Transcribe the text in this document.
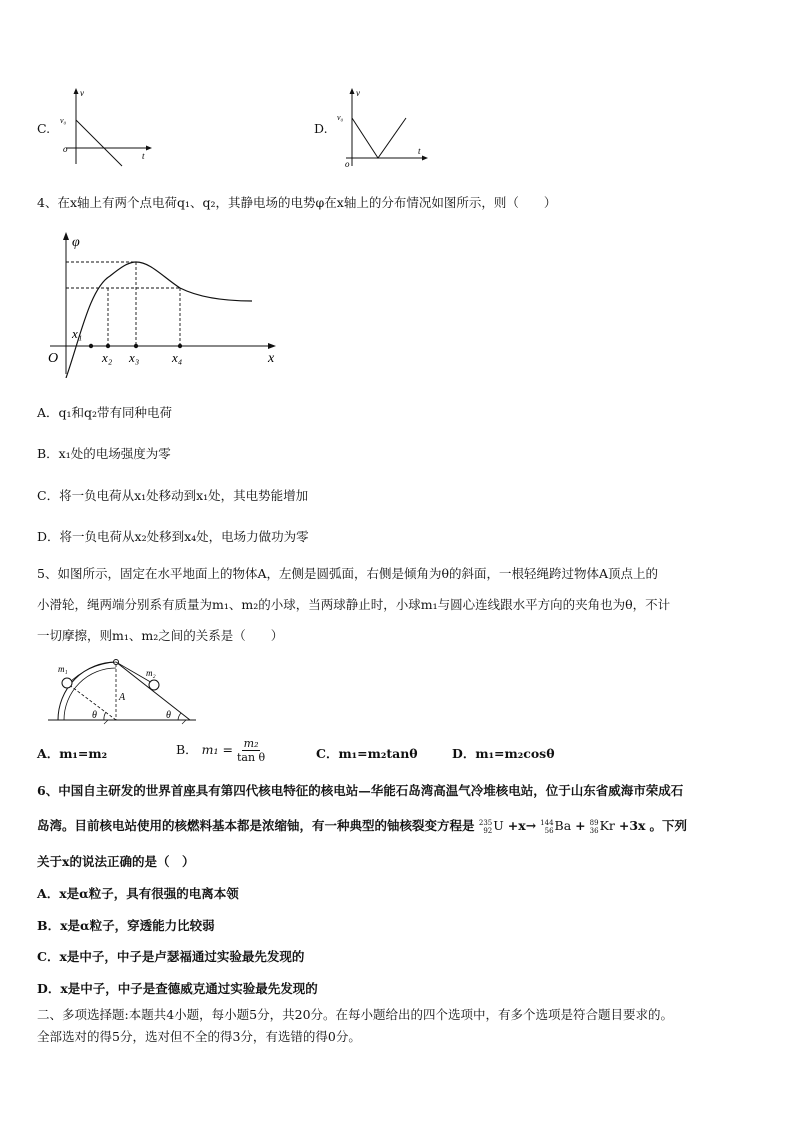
C.
v
v₀
o
t
D.
v
v₀
o
t
4、在x轴上有两个点电荷q₁、q₂，其静电场的电势φ在x轴上的分布情况如图所示，则（　　）
φ
O	x
x₁
x₂ x₃	x₄
A．q₁和q₂带有同种电荷
B．x₁处的电场强度为零
C．将一负电荷从x₁处移动到x₁处，其电势能增加
D．将一负电荷从x₂处移到x₄处，电场力做功为零
5、如图所示，固定在水平地面上的物体A，左侧是圆弧面，右侧是倾角为θ的斜面，一根轻绳跨过物体A顶点上的
小滑轮，绳两端分别系有质量为m₁、m₂的小球，当两球静止时，小球m₁与圆心连线跟水平方向的夹角也为θ，不计
一切摩擦，则m₁、m₂之间的关系是（　　）
m₁	m₂
A
θ	θ
A．m₁=m₂	B． $m_1 = \frac{\text{m₂}}{\text{tan θ}}$	C．m₁=m₂tanθ	D．m₁=m₂cosθ
6、中国自主研发的世界首座具有第四代核电特征的核电站—华能石岛湾高温气冷堆核电站，位于山东省威海市荣成石
岛湾。目前核电站使用的核燃料基本都是浓缩铀，有一种典型的铀核裂变方程是 235
92 U +x→ 144
56 Ba + 89
36 Kr +3x 。下列
关于x的说法正确的是（　）
A．x是α粒子，具有很强的电离本领
B．x是α粒子，穿透能力比较弱
C．x是中子，中子是卢瑟福通过实验最先发现的
D．x是中子，中子是查德威克通过实验最先发现的
二、多项选择题:本题共4小题，每小题5分，共20分。在每小题给出的四个选项中，有多个选项是符合题目要求的。
全部选对的得5分，选对但不全的得3分，有选错的得0分。
